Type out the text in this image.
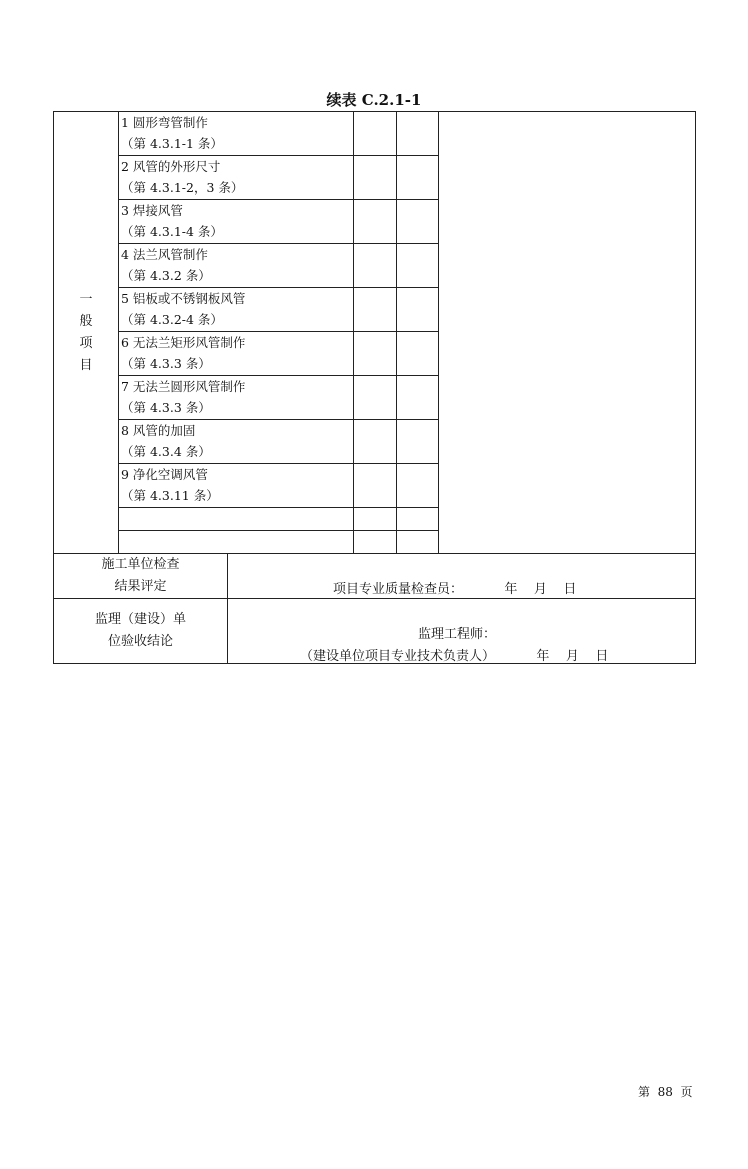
续表 C.2.1-1
一
般
项
目	1 圆形弯管制作
（第 4.3.1-1 条）				

	2 风管的外形尺寸
（第 4.3.1-2，3 条）				

	3 焊接风管
（第 4.3.1-4 条）				

	4 法兰风管制作
（第 4.3.2 条）				

	5 铝板或不锈钢板风管
（第 4.3.2-4 条）				

	6 无法兰矩形风管制作
（第 4.3.3 条）				

	7 无法兰圆形风管制作
（第 4.3.3 条）				

	8 风管的加固
（第 4.3.4 条）				

	9 净化空调风管
（第 4.3.11 条）				

施工单位检查
结果评定		项目专业质量检查员：          年    月    日			

监理（建设）单
位验收结论		监理工程师：
（建设单位项目专业技术负责人）          年    月    日			
第  88  页
